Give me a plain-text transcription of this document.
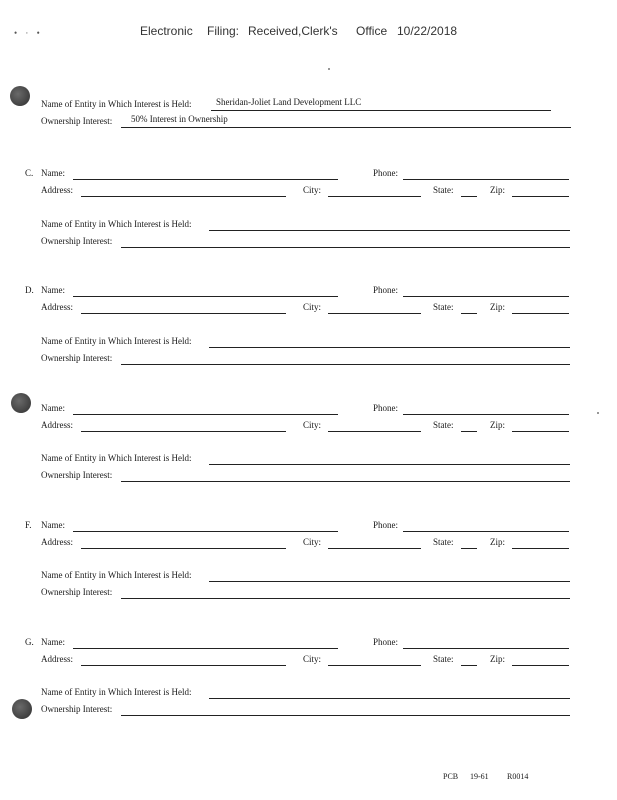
• · •	Electronic Filing: Received,Clerk's Office 10/22/2018
Name of Entity in Which Interest is Held:	Sheridan-Joliet Land Development LLC
Ownership Interest: 50% Interest in Ownership
C. Name:	Phone:
Address:	City:	State:	Zip:
Name of Entity in Which Interest is Held:
Ownership Interest:
D. Name:	Phone:
Address:	City:	State:	Zip:
Name of Entity in Which Interest is Held:
Ownership Interest:
Name:	Phone:
Address:	City:	State:	Zip:
Name of Entity in Which Interest is Held:
Ownership Interest:
F. Name:	Phone:
Address:	City:	State:	Zip:
Name of Entity in Which Interest is Held:
Ownership Interest:
G. Name:	Phone:
Address:	City:	State:	Zip:
Name of Entity in Which Interest is Held:
Ownership Interest:
PCB 19-61 R0014
